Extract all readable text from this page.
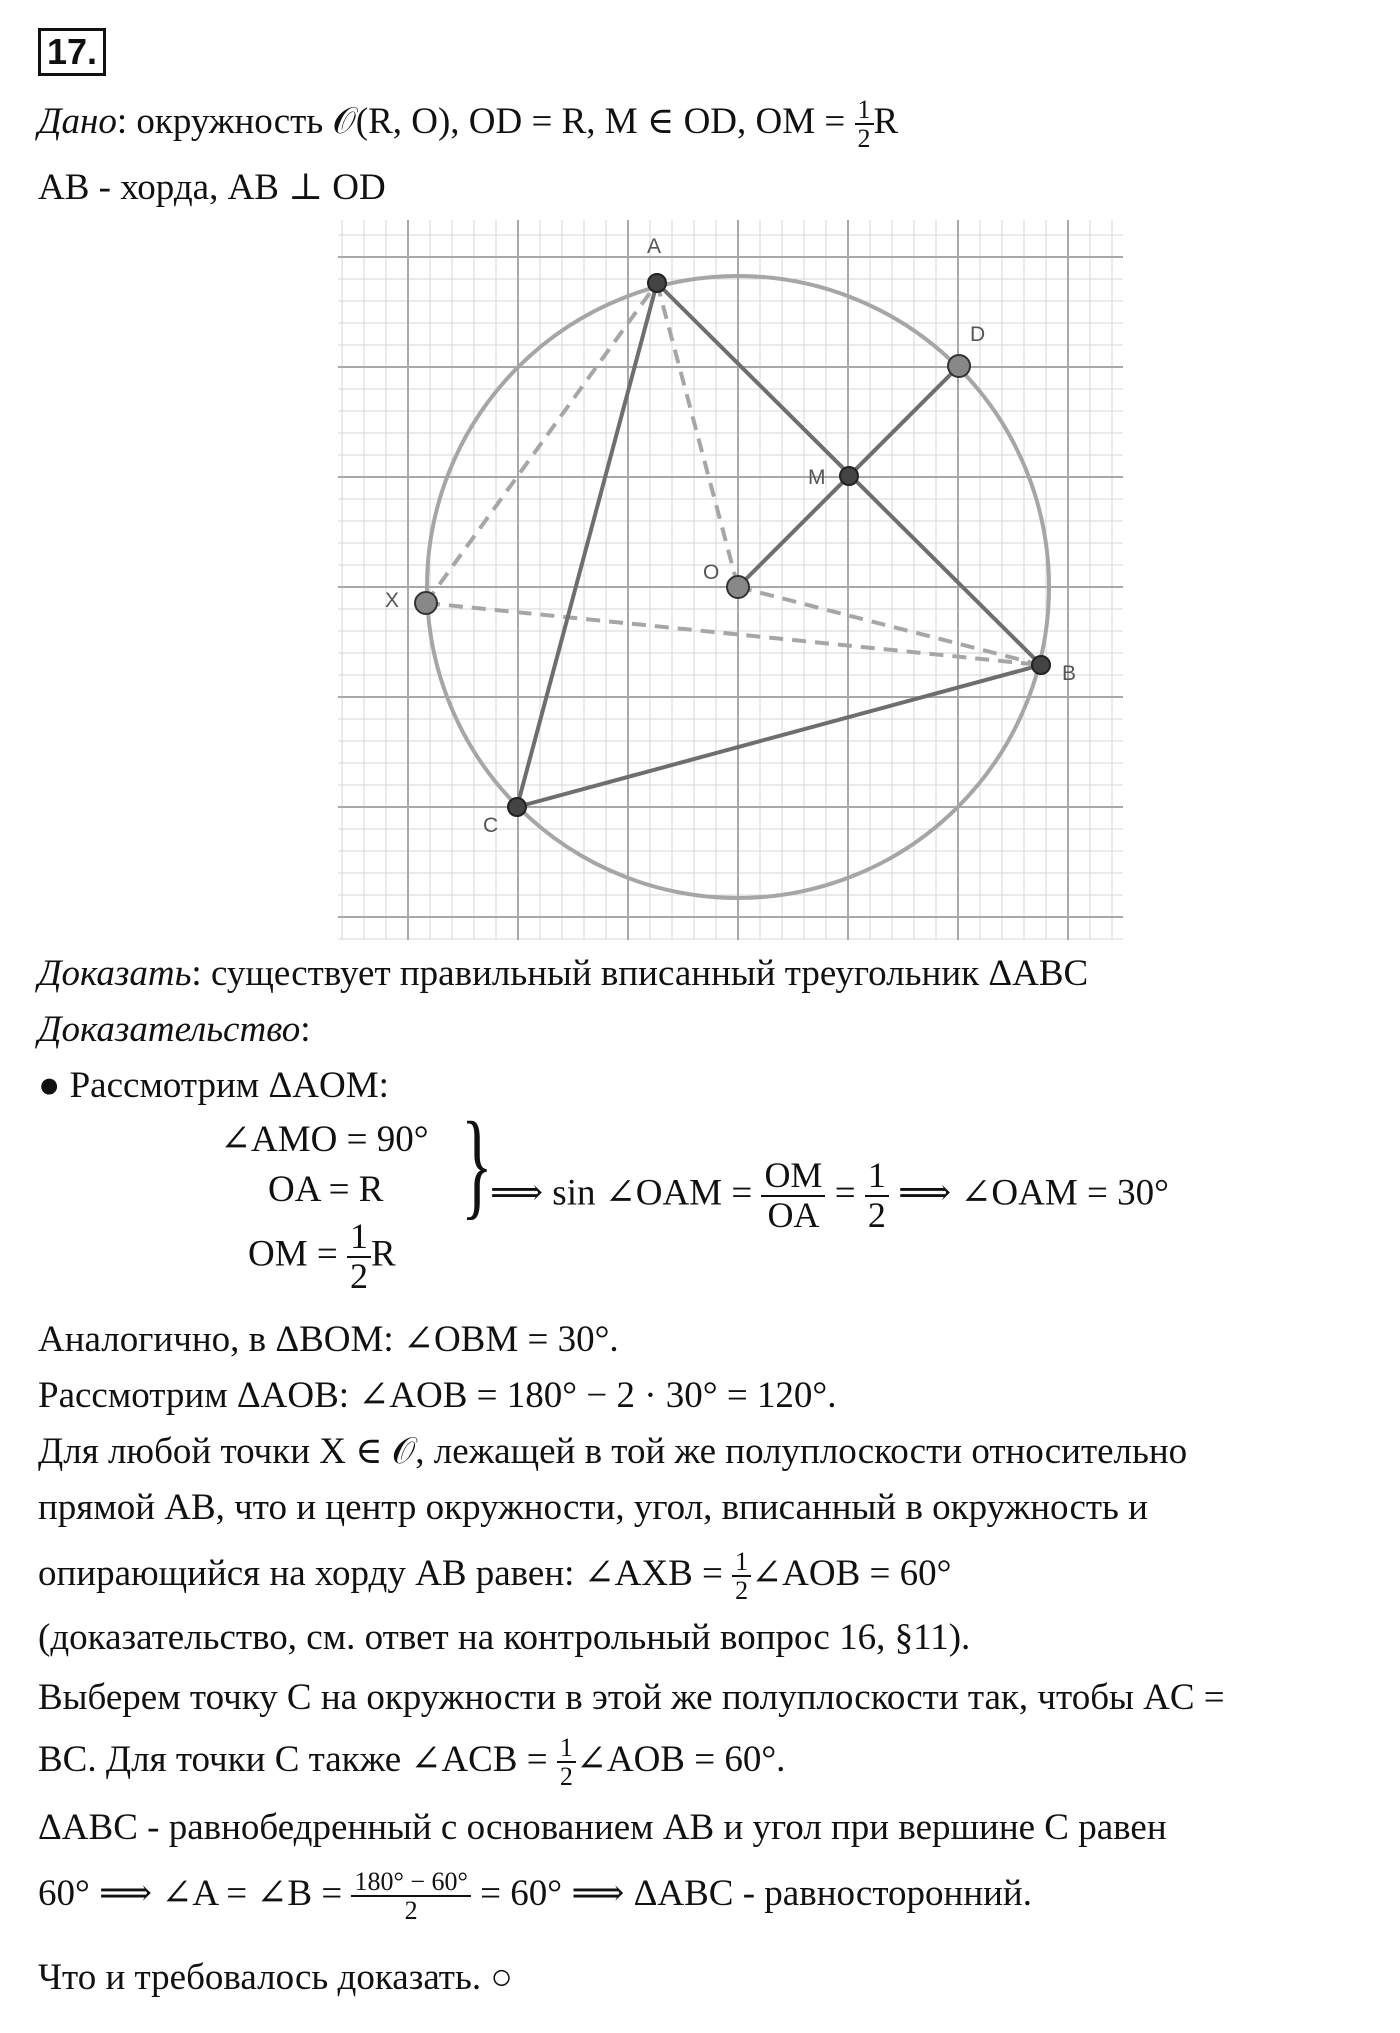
17.
Дано: окружность 𝒪(R, O), OD = R, M ∈ OD, OM = $\frac{1}{2}$ R
AB - хорда, AB ⊥ OD
A
D
M
O
X
B
C
Доказать: существует правильный вписанный треугольник ΔABC
Доказательство:
● Рассмотрим ΔAOM:
∠AMO = 90°
OA = R
OM = $\frac{1}{2}$ R
}
⟹ sin ∠OAM = $\frac{OM}{OA} = \frac{1}{2}$ ⟹ ∠OAM = 30°
Аналогично, в ΔBOM: ∠OBM = 30°.
Рассмотрим ΔAOB: ∠AOB = 180° − 2 · 30° = 120°.
Для любой точки X ∈ 𝒪, лежащей в той же полуплоскости относительно
прямой AB, что и центр окружности, угол, вписанный в окружность и
опирающийся на хорду AB равен: ∠AXB = $\frac{1}{2}$ ∠AOB = 60°
(доказательство, см. ответ на контрольный вопрос 16, §11).
Выберем точку C на окружности в этой же полуплоскости так, чтобы AC =
BC. Для точки C также ∠ACB = $\frac{1}{2}$ ∠AOB = 60°.
ΔABC - равнобедренный с основанием AB и угол при вершине C равен
60° ⟹ ∠A = ∠B = $\frac{180^\circ - 60^\circ}{2} = 60^\circ$ ⟹ ΔABC - равносторонний.
Что и требовалось доказать. ○
